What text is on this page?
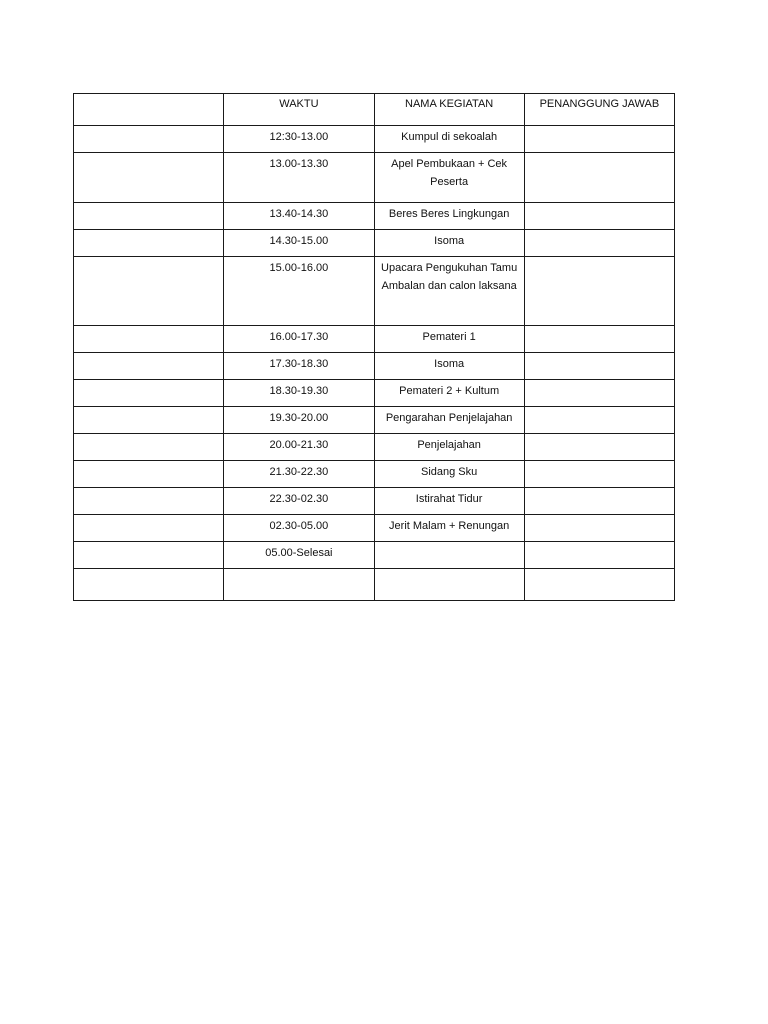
	WAKTU	NAMA KEGIATAN	PENANGGUNG JAWAB
	12:30-13.00	Kumpul di sekoalah	
	13.00-13.30	Apel Pembukaan + Cek Peserta	
	13.40-14.30	Beres Beres Lingkungan	
	14.30-15.00	Isoma	
	15.00-16.00	Upacara Pengukuhan Tamu Ambalan dan calon laksana	
	16.00-17.30	Pemateri 1	
	17.30-18.30	Isoma	
	18.30-19.30	Pemateri 2 + Kultum	
	19.30-20.00	Pengarahan Penjelajahan	
	20.00-21.30	Penjelajahan	
	21.30-22.30	Sidang Sku	
	22.30-02.30	Istirahat Tidur	
	02.30-05.00	Jerit Malam + Renungan	
	05.00-Selesai		
